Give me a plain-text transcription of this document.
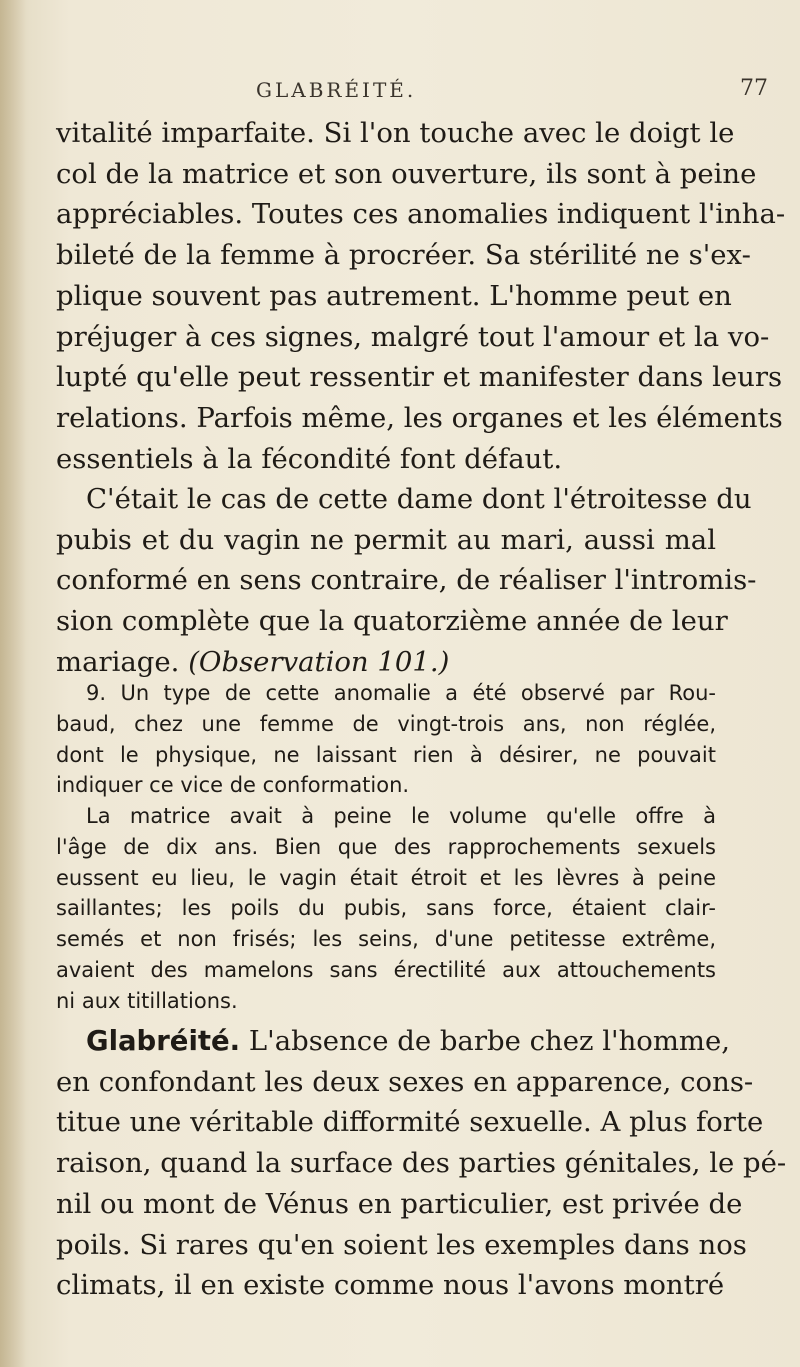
GLABRÉITÉ.	77
vitalité imparfaite. Si l'on touche avec le doigt le
col de la matrice et son ouverture, ils sont à peine
appréciables. Toutes ces anomalies indiquent l'inha-
bileté de la femme à procréer. Sa stérilité ne s'ex-
plique souvent pas autrement. L'homme peut en
préjuger à ces signes, malgré tout l'amour et la vo-
lupté qu'elle peut ressentir et manifester dans leurs
relations. Parfois même, les organes et les éléments
essentiels à la fécondité font défaut.
C'était le cas de cette dame dont l'étroitesse du
pubis et du vagin ne permit au mari, aussi mal
conformé en sens contraire, de réaliser l'intromis-
sion complète que la quatorzième année de leur
mariage. (Observation 101.)
9. Un type de cette anomalie a été observé par Rou-
baud, chez une femme de vingt-trois ans, non réglée,
dont le physique, ne laissant rien à désirer, ne pouvait
indiquer ce vice de conformation.
La matrice avait à peine le volume qu'elle offre à
l'âge de dix ans. Bien que des rapprochements sexuels
eussent eu lieu, le vagin était étroit et les lèvres à peine
saillantes; les poils du pubis, sans force, étaient clair-
semés et non frisés; les seins, d'une petitesse extrême,
avaient des mamelons sans érectilité aux attouchements
ni aux titillations.
Glabréité. L'absence de barbe chez l'homme,
en confondant les deux sexes en apparence, cons-
titue une véritable difformité sexuelle. A plus forte
raison, quand la surface des parties génitales, le pé-
nil ou mont de Vénus en particulier, est privée de
poils. Si rares qu'en soient les exemples dans nos
climats, il en existe comme nous l'avons montré
